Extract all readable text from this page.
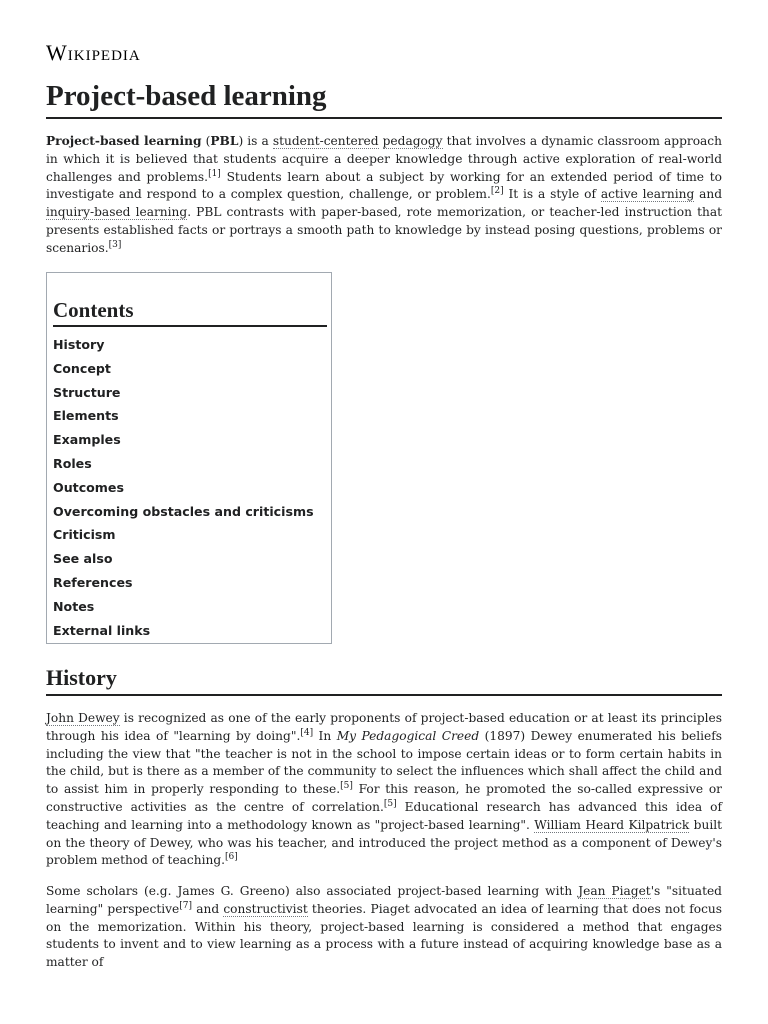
Wikipedia
Project-based learning

Project-based learning (PBL) is a student-centered pedagogy that involves a dynamic classroom approach in which it is believed that students acquire a deeper knowledge through active exploration of real-world challenges and problems.[1] Students learn about a subject by working for an extended period of time to investigate and respond to a complex question, challenge, or problem.[2] It is a style of active learning and inquiry-based learning. PBL contrasts with paper-based, rote memorization, or teacher-led instruction that presents established facts or portrays a smooth path to knowledge by instead posing questions, problems or scenarios.[3]

Contents
History
Concept
Structure
Elements
Examples
Roles
Outcomes
Overcoming obstacles and criticisms
Criticism
See also
References
Notes
External links
History

John Dewey is recognized as one of the early proponents of project-based education or at least its principles through his idea of "learning by doing".[4] In My Pedagogical Creed (1897) Dewey enumerated his beliefs including the view that "the teacher is not in the school to impose certain ideas or to form certain habits in the child, but is there as a member of the community to select the influences which shall affect the child and to assist him in properly responding to these.[5] For this reason, he promoted the so-called expressive or constructive activities as the centre of correlation.[5] Educational research has advanced this idea of teaching and learning into a methodology known as "project-based learning". William Heard Kilpatrick built on the theory of Dewey, who was his teacher, and introduced the project method as a component of Dewey's problem method of teaching.[6]

Some scholars (e.g. James G. Greeno) also associated project-based learning with Jean Piaget's "situated learning" perspective[7] and constructivist theories. Piaget advocated an idea of learning that does not focus on the memorization. Within his theory, project-based learning is considered a method that engages students to invent and to view learning as a process with a future instead of acquiring knowledge base as a matter of
